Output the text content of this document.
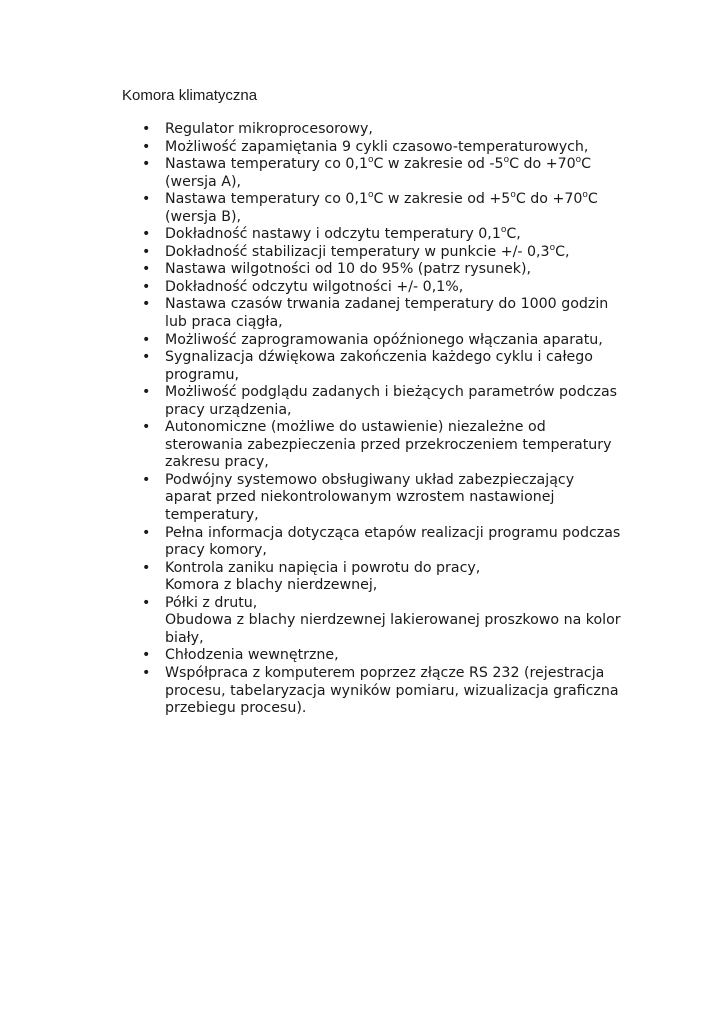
Komora klimatyczna
• Regulator mikroprocesorowy,
• Możliwość zapamiętania 9 cykli czasowo-temperaturowych,
• Nastawa temperatury co 0,1$^o$C w zakresie od -5$^o$C do $+70^oC$
(wersja A),
• Nastawa temperatury co 0,1$^o$C w zakresie od $+5^oC$ do $+70^oC$
(wersja B),
• Dokładność nastawy i odczytu temperatury 0,1$^o$C,
• Dokładność stabilizacji temperatury w punkcie +/- 0,3$^o$C,
• Nastawa wilgotności od 10 do 95% (patrz rysunek),
• Dokładność odczytu wilgotności +/- 0,1%,
• Nastawa czasów trwania zadanej temperatury do 1000 godzin
lub praca ciągła,
• Możliwość zaprogramowania opóźnionego włączania aparatu,
• Sygnalizacja dźwiękowa zakończenia każdego cyklu i całego
programu,
• Możliwość podglądu zadanych i bieżących parametrów podczas
pracy urządzenia,
• Autonomiczne (możliwe do ustawienie) niezależne od
sterowania zabezpieczenia przed przekroczeniem temperatury
zakresu pracy,
• Podwójny systemowo obsługiwany układ zabezpieczający
aparat przed niekontrolowanym wzrostem nastawionej
temperatury,
• Pełna informacja dotycząca etapów realizacji programu podczas
pracy komory,
• Kontrola zaniku napięcia i powrotu do pracy,
Komora z blachy nierdzewnej,
• Półki z drutu,
Obudowa z blachy nierdzewnej lakierowanej proszkowo na kolor
biały,
• Chłodzenia wewnętrzne,
• Współpraca z komputerem poprzez złącze RS 232 (rejestracja
procesu, tabelaryzacja wyników pomiaru, wizualizacja graficzna
przebiegu procesu).
